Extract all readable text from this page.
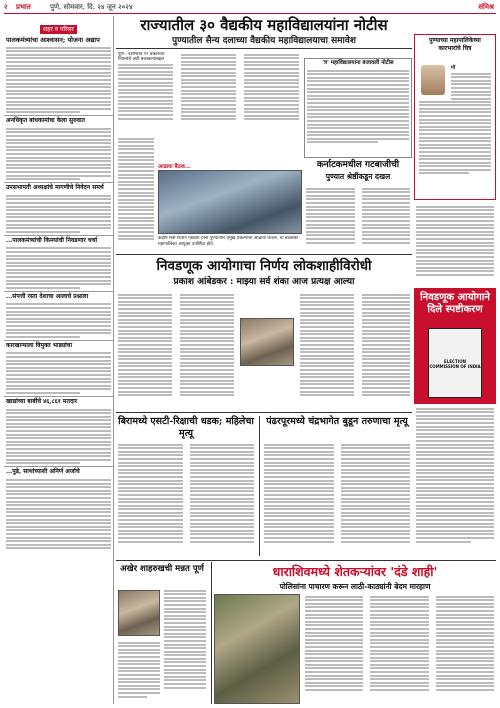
२ प्रभात	पुणे, सोमवार, दि. २४ जून २०२४	संमिश्र
शहर व परिसर
पालकमंत्र्यांचा आश्वासन; योजना अद्याप
अनधिकृत बांधकामांचा केला सुरुवात
उपसभापती अध्यक्षांचे मागणीचे निवेदन समर्थ
...पालकमंत्र्यांची किमयांची निवडणार चर्चा
...संपत्ती रस्ता देशाचा आलाचे प्रश्नाला
कारखान्याला विमुक्त भाड्यांचा
खाद्यांच्या बाबींचे ४६,८६१ मतदार
...पुढे, साथांच्याशी अनिर्ण अर्जाचे
राज्यातील ३० वैद्यकीय महाविद्यालयांना नोटीस
पुण्यातील सैन्य दलाच्या वैद्यकीय महाविद्यालयाचा समावेश
पुणे : देशभरात १२ प्रकारच्या नियमांचे अटी बजावल्याबद्दल
'त्र' महाविद्यालयांना बजावली नोटीस
पुण्याच्या महापालिकेच्या कारभारांचे चित्र
गॉ
आढावा बैठक...
केंद्रीय मंत्री नितीन गडकरी यांनी पुण्यातील प्रमुख प्रकल्पांचा आढावा घेतला. या बैठकीस महापालिका आयुक्त उपस्थित होते.
कर्नाटकमधील गटबाजीची
पुण्यात श्रेष्ठींकडून दखल
निवडणूक आयोगाचा निर्णय लोकशाहीविरोधी
प्रकाश आंबेडकर : माझ्या सर्व शंका आज प्रत्यक्ष आल्या
निवडणूक आयोगाने दिले स्पष्टीकरण
ELECTION COMMISSION OF INDIA
बिरामध्ये एसटी-रिक्षाची धडक; महिलेचा मृत्यू
पंढरपूरमध्ये चंद्रभागेत बुडून तरुणाचा मृत्यू
अखेर शाहरुखची मन्नत पूर्ण	धाराशिवमध्ये शेतकऱ्यांवर 'दंडे शाही'
पोलिसांना पाचारण करून लाठी-काठ्यांनी बेदम मारहाण
